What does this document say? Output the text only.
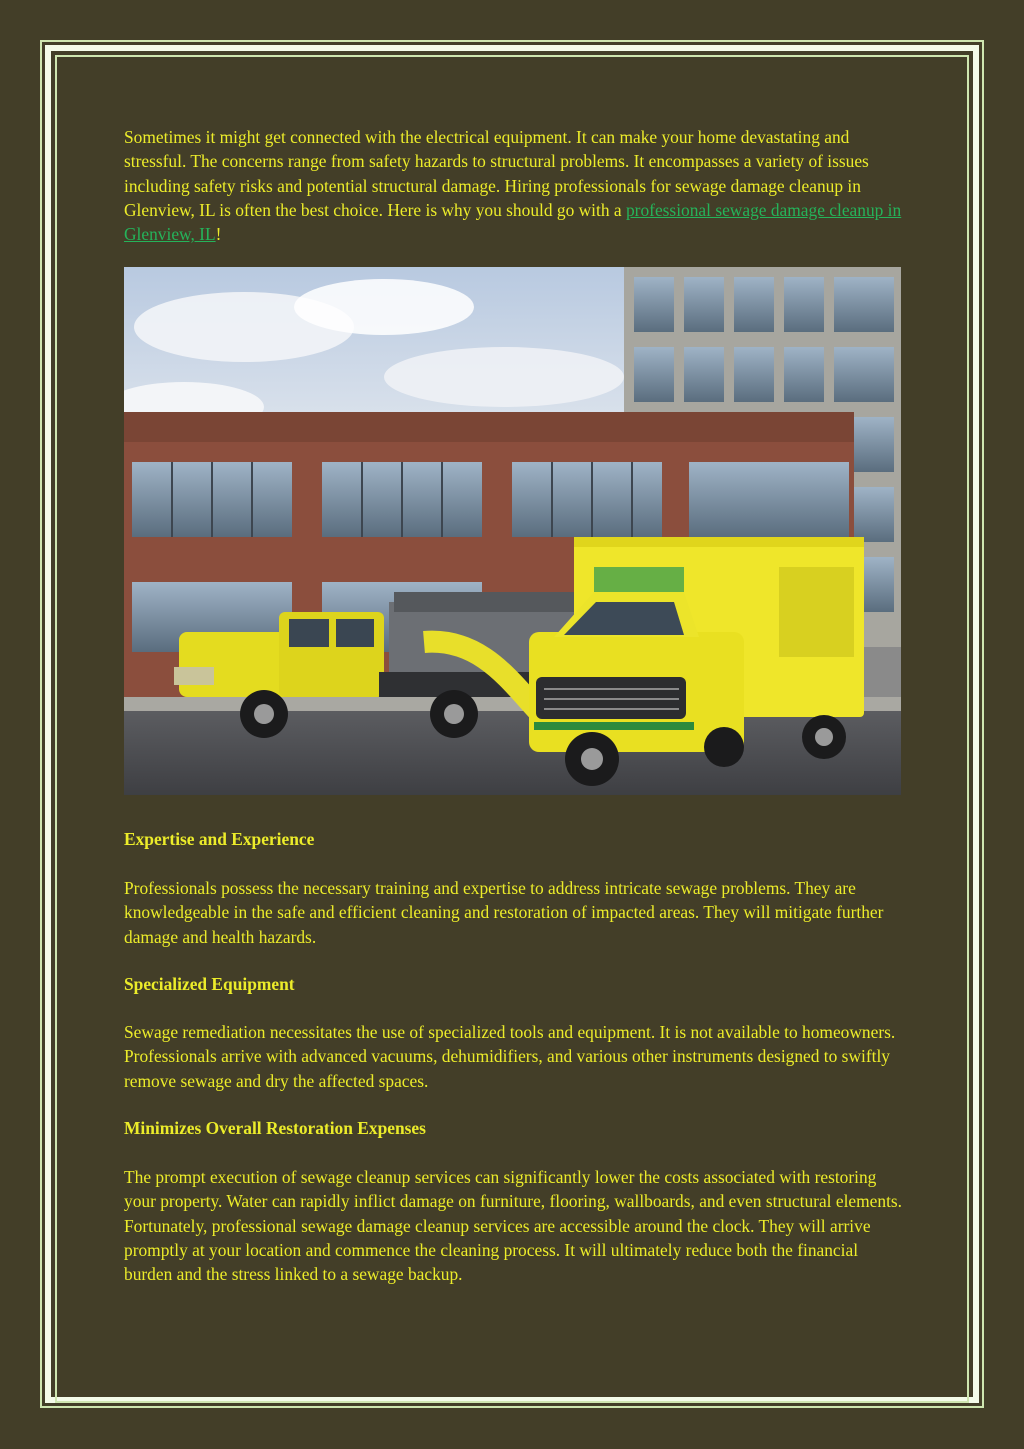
Sometimes it might get connected with the electrical equipment. It can make your home devastating and stressful. The concerns range from safety hazards to structural problems. It encompasses a variety of issues including safety risks and potential structural damage. Hiring professionals for sewage damage cleanup in Glenview, IL is often the best choice. Here is why you should go with a professional sewage damage cleanup in Glenview, IL!

Expertise and Experience

Professionals possess the necessary training and expertise to address intricate sewage problems. They are knowledgeable in the safe and efficient cleaning and restoration of impacted areas. They will mitigate further damage and health hazards.

Specialized Equipment

Sewage remediation necessitates the use of specialized tools and equipment. It is not available to homeowners. Professionals arrive with advanced vacuums, dehumidifiers, and various other instruments designed to swiftly remove sewage and dry the affected spaces.

Minimizes Overall Restoration Expenses

The prompt execution of sewage cleanup services can significantly lower the costs associated with restoring your property. Water can rapidly inflict damage on furniture, flooring, wallboards, and even structural elements. Fortunately, professional sewage damage cleanup services are accessible around the clock. They will arrive promptly at your location and commence the cleaning process. It will ultimately reduce both the financial burden and the stress linked to a sewage backup.
